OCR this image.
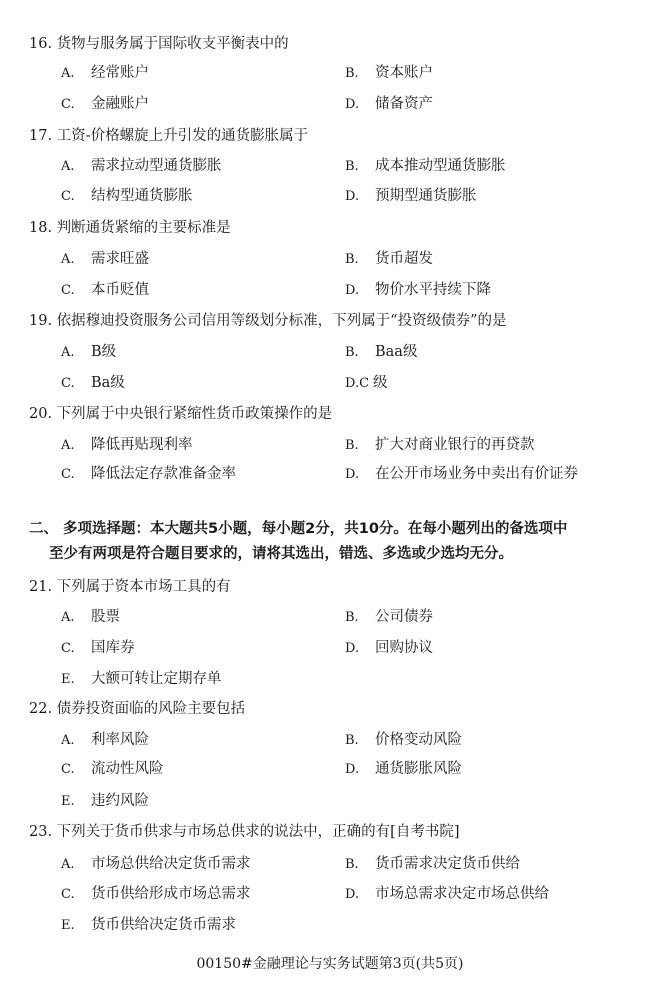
16. 货物与服务属于国际收支平衡表中的
A. 经常账户	B. 资本账户
C. 金融账户	D. 储备资产
17. 工资-价格螺旋上升引发的通货膨胀属于
A. 需求拉动型通货膨胀	B. 成本推动型通货膨胀
C. 结构型通货膨胀	D. 预期型通货膨胀
18. 判断通货紧缩的主要标准是
A. 需求旺盛	B. 货币超发
C. 本币贬值	D. 物价水平持续下降
19. 依据穆迪投资服务公司信用等级划分标准，下列属于“投资级债券”的是
A. B级	B. Baa级
C. Ba级	D.C 级
20. 下列属于中央银行紧缩性货币政策操作的是
A. 降低再贴现利率	B. 扩大对商业银行的再贷款
C. 降低法定存款准备金率	D. 在公开市场业务中卖出有价证券
二、 多项选择题：本大题共5小题，每小题2分，共10分。在每小题列出的备选项中
至少有两项是符合题目要求的，请将其选出，错选、多选或少选均无分。
21. 下列属于资本市场工具的有
A. 股票	B. 公司债券
C. 国库券	D. 回购协议
E. 大额可转让定期存单
22. 债券投资面临的风险主要包括
A. 利率风险	B. 价格变动风险
C. 流动性风险	D. 通货膨胀风险
E. 违约风险
23. 下列关于货币供求与市场总供求的说法中，正确的有[自考书院]
A. 市场总供给决定货币需求	B. 货币需求决定货币供给
C. 货币供给形成市场总需求	D. 市场总需求决定市场总供给
E. 货币供给决定货币需求
00150#金融理论与实务试题第3页(共5页)
